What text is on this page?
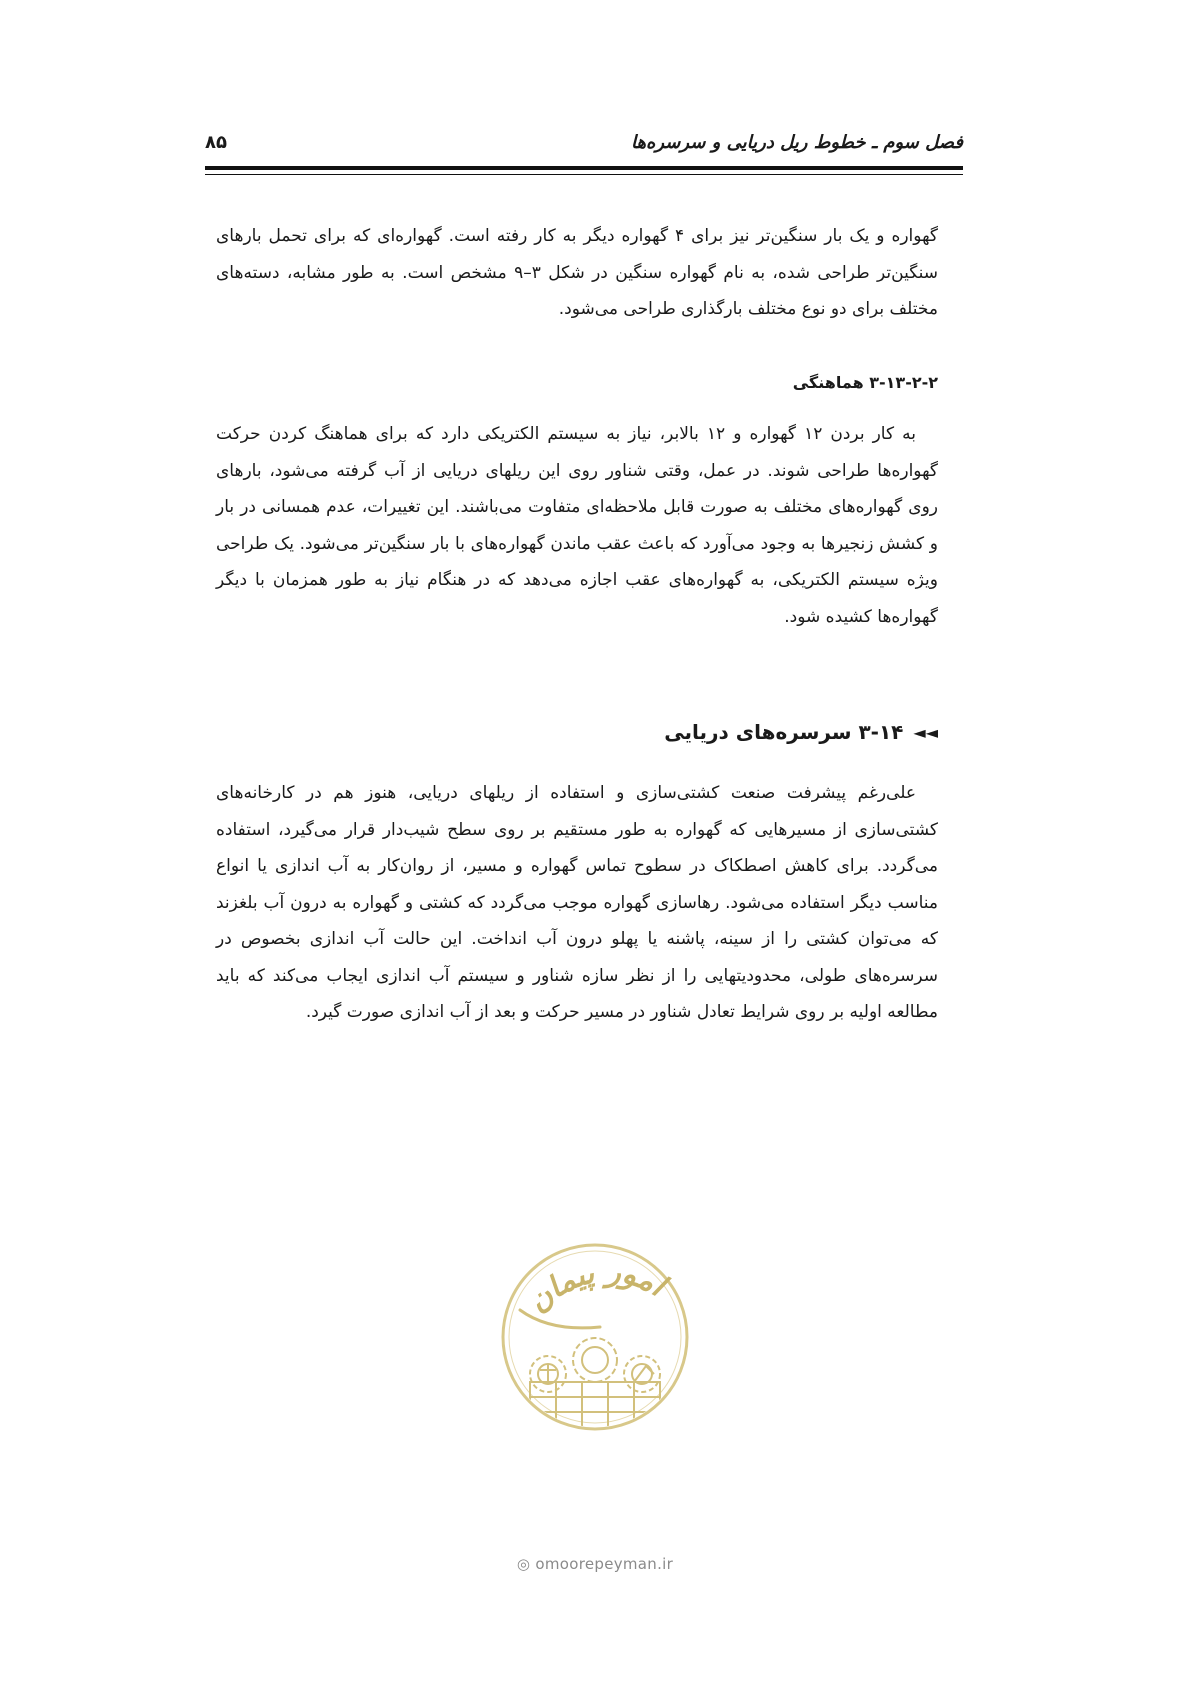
فصل سوم ـ خطوط ریل دریایی و سرسره‌ها
۸۵

گهواره و یک بار سنگین‌تر نیز برای ۴ گهواره دیگر به کار رفته است. گهواره‌ای که برای تحمل بارهای سنگین‌تر طراحی شده، به نام گهواره سنگین در شکل ۳–۹ مشخص است. به طور مشابه، دسته‌های مختلف برای دو نوع مختلف بارگذاری طراحی می‌شود.

۳-۱۳-۲-۲ هماهنگی

به کار بردن ۱۲ گهواره و ۱۲ بالابر، نیاز به سیستم الکتریکی دارد که برای هماهنگ کردن حرکت گهواره‌ها طراحی شوند. در عمل، وقتی شناور روی این ریلهای دریایی از آب گرفته می‌شود، بارهای روی گهواره‌های مختلف به صورت قابل ملاحظه‌ای متفاوت می‌باشند. این تغییرات، عدم همسانی در بار و کشش زنجیرها به وجود می‌آورد که باعث عقب ماندن گهواره‌های با بار سنگین‌تر می‌شود. یک طراحی ویژه سیستم الکتریکی، به گهواره‌های عقب اجازه می‌دهد که در هنگام نیاز به طور همزمان با دیگر گهواره‌ها کشیده شود.

◄◄
۳-۱۴ سرسره‌های دریایی

علی‌رغم پیشرفت صنعت کشتی‌سازی و استفاده از ریلهای دریایی، هنوز هم در کارخانه‌های کشتی‌سازی از مسیرهایی که گهواره به طور مستقیم بر روی سطح شیب‌دار قرار می‌گیرد، استفاده می‌گردد. برای کاهش اصطکاک در سطوح تماس گهواره و مسیر، از روان‌کار به آب اندازی یا انواع مناسب دیگر استفاده می‌شود. رهاسازی گهواره موجب می‌گردد که کشتی و گهواره به درون آب بلغزند که می‌توان کشتی را از سینه، پاشنه یا پهلو درون آب انداخت. این حالت آب اندازی بخصوص در سرسره‌های طولی، محدودیتهایی را از نظر سازه شناور و سیستم آب اندازی ایجاب می‌کند که باید مطالعه اولیه بر روی شرایط تعادل شناور در مسیر حرکت و بعد از آب اندازی صورت گیرد.

امور پیمان
◎ omoorepeyman.ir
